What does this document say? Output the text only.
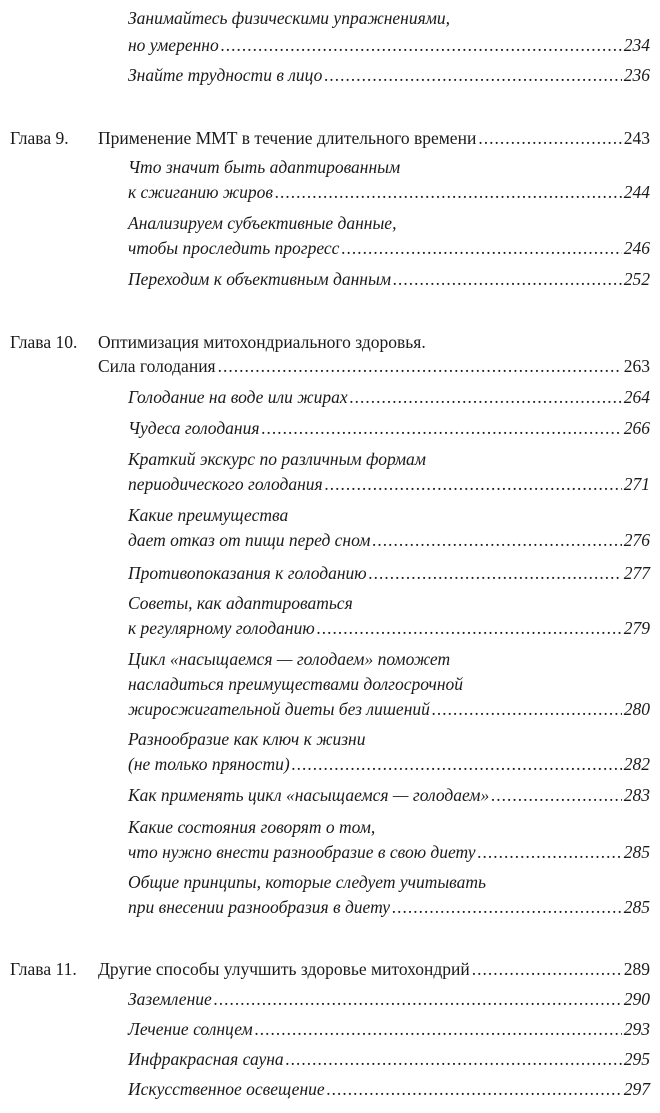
Занимайтесь физическими упражнениями,
но умеренно .....	234
Знайте трудности в лицо .....	236
Глава 9.	Применение ММТ в течение длительного времени .....	243
Что значит быть адаптированным
к сжиганию жиров .....	244
Анализируем субъективные данные,
чтобы проследить прогресс .....	246
Переходим к объективным данным .....	252
Глава 10.	Оптимизация митохондриального здоровья.
Сила голодания .....	263
Голодание на воде или жирах .....	264
Чудеса голодания .....	266
Краткий экскурс по различным формам
периодического голодания .....	271
Какие преимущества
дает отказ от пищи перед сном .....	276
Противопоказания к голоданию .....	277
Советы, как адаптироваться
к регулярному голоданию .....	279
Цикл «насыщаемся — голодаем» поможет
насладиться преимуществами долгосрочной
жиросжигательной диеты без лишений .....	280
Разнообразие как ключ к жизни
(не только пряности) .....	282
Как применять цикл «насыщаемся — голодаем» .....	283
Какие состояния говорят о том,
что нужно внести разнообразие в свою диету .....	285
Общие принципы, которые следует учитывать
при внесении разнообразия в диету .....	285
Глава 11.	Другие способы улучшить здоровье митохондрий .....	289
Заземление .....	290
Лечение солнцем .....	293
Инфракрасная сауна .....	295
Искусственное освещение .....	297
